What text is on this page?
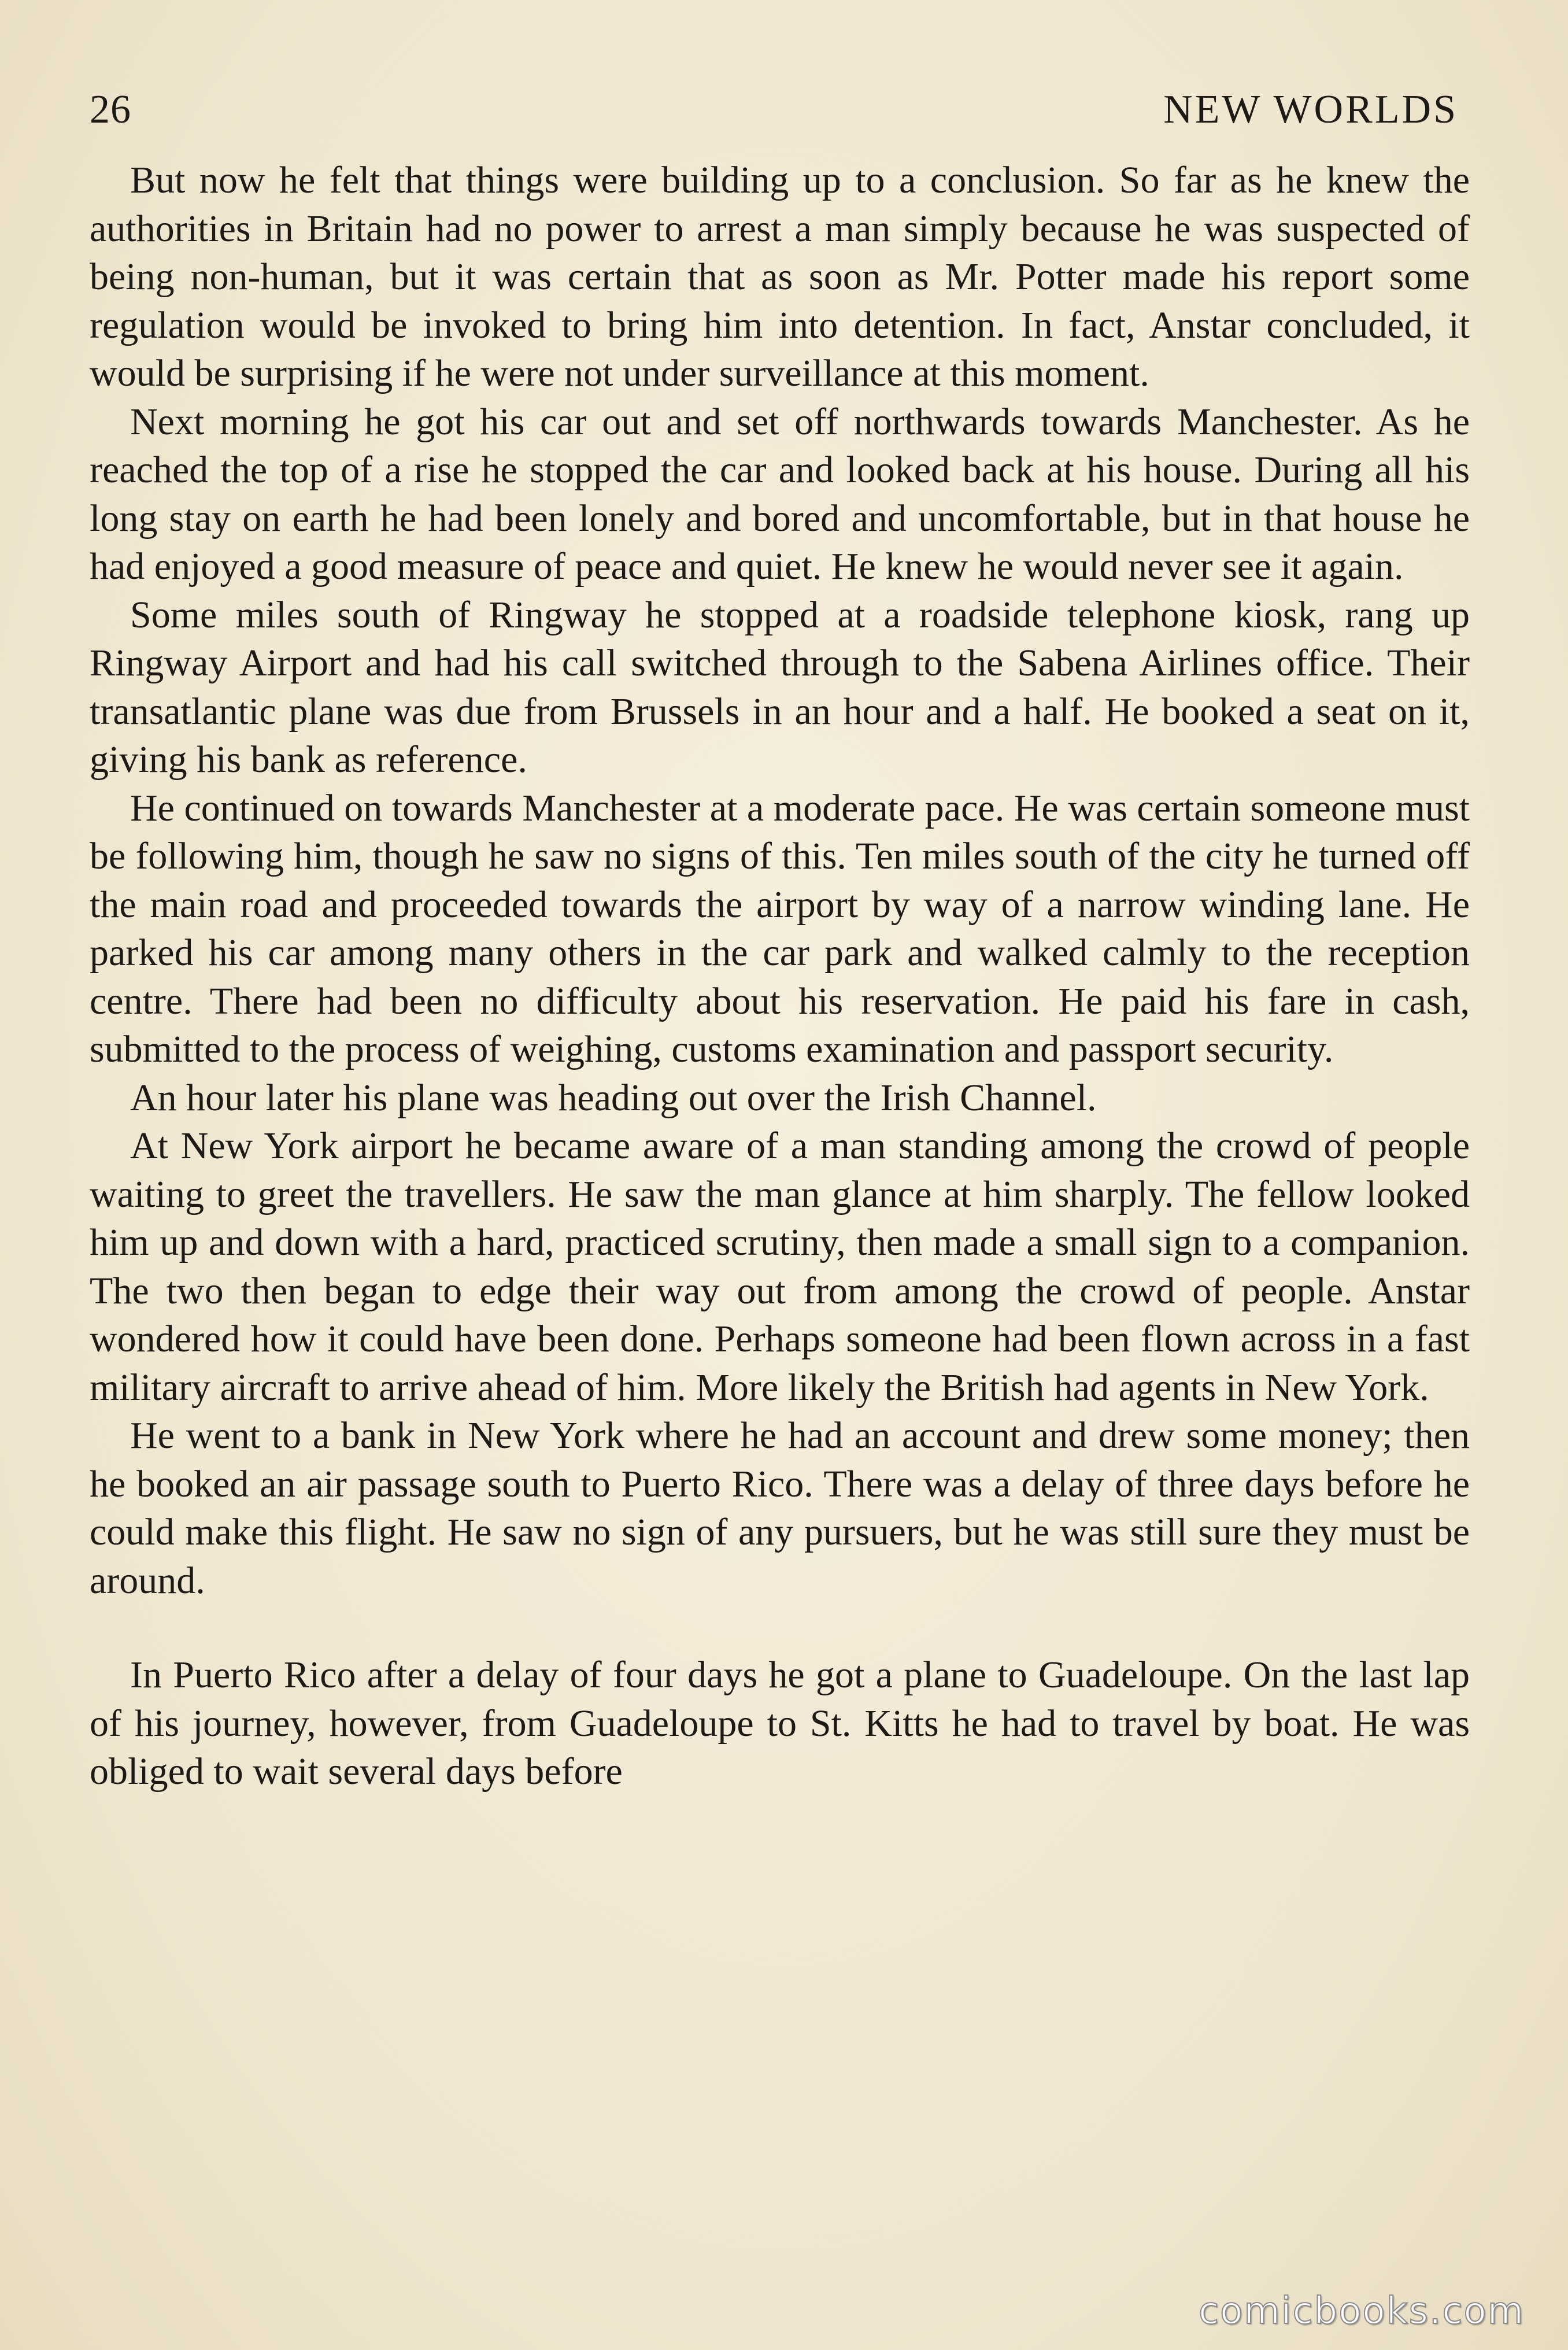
26	NEW WORLDS

But now he felt that things were building up to a conclusion. So far as he knew the authorities in Britain had no power to arrest a man simply because he was suspected of being non-human, but it was certain that as soon as Mr. Potter made his report some regulation would be invoked to bring him into detention. In fact, Anstar concluded, it would be surprising if he were not under surveillance at this moment.

Next morning he got his car out and set off northwards towards Manchester. As he reached the top of a rise he stopped the car and looked back at his house. During all his long stay on earth he had been lonely and bored and uncomfortable, but in that house he had enjoyed a good measure of peace and quiet. He knew he would never see it again.

Some miles south of Ringway he stopped at a roadside telephone kiosk, rang up Ringway Airport and had his call switched through to the Sabena Airlines office. Their transatlantic plane was due from Brussels in an hour and a half. He booked a seat on it, giving his bank as reference.

He continued on towards Manchester at a moderate pace. He was certain someone must be following him, though he saw no signs of this. Ten miles south of the city he turned off the main road and proceeded towards the airport by way of a narrow winding lane. He parked his car among many others in the car park and walked calmly to the reception centre. There had been no difficulty about his reservation. He paid his fare in cash, submitted to the process of weighing, customs examination and passport security.

An hour later his plane was heading out over the Irish Channel.

At New York airport he became aware of a man standing among the crowd of people waiting to greet the travellers. He saw the man glance at him sharply. The fellow looked him up and down with a hard, practiced scrutiny, then made a small sign to a companion. The two then began to edge their way out from among the crowd of people. Anstar wondered how it could have been done. Perhaps someone had been flown across in a fast military aircraft to arrive ahead of him. More likely the British had agents in New York.

He went to a bank in New York where he had an account and drew some money; then he booked an air passage south to Puerto Rico. There was a delay of three days before he could make this flight. He saw no sign of any pursuers, but he was still sure they must be around.

In Puerto Rico after a delay of four days he got a plane to Guadeloupe. On the last lap of his journey, however, from Guadeloupe to St. Kitts he had to travel by boat. He was obliged to wait several days before

comicbooks.com
